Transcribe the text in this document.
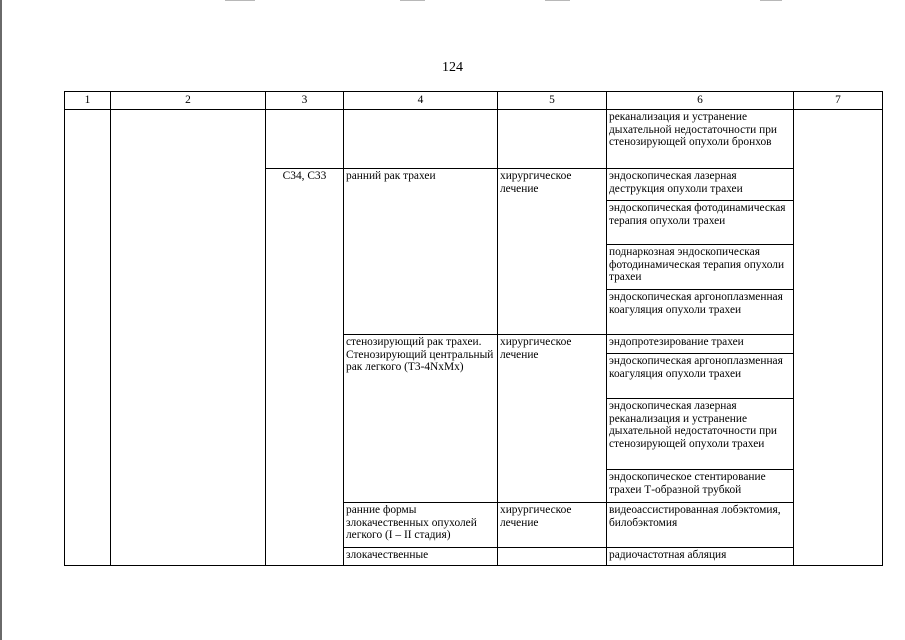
124
1	2	3	4	5	6	7
					реканализация и устранение дыхательной недостаточности при стенозирующей опухоли бронхов	
		C34, C33	ранний рак трахеи	хирургическое лечение	эндоскопическая лазерная деструкция опухоли трахеи	
					эндоскопическая фотодинамическая терапия опухоли трахеи	
					поднаркозная эндоскопическая фотодинамическая терапия опухоли трахеи	
					эндоскопическая аргоноплазменная коагуляция опухоли трахеи	
			стенозирующий рак трахеи. Стенозирующий центральный рак легкого (T3-4NxMx)	хирургическое лечение	эндопротезирование трахеи	
					эндоскопическая аргоноплазменная коагуляция опухоли трахеи	
					эндоскопическая лазерная реканализация и устранение дыхательной недостаточности при стенозирующей опухоли трахеи	
					эндоскопическое стентирование трахеи Т-образной трубкой	
			ранние формы злокачественных опухолей легкого (I – II стадия)	хирургическое лечение	видеоассистированная лобэктомия, билобэктомия	
			злокачественные		радиочастотная абляция	
